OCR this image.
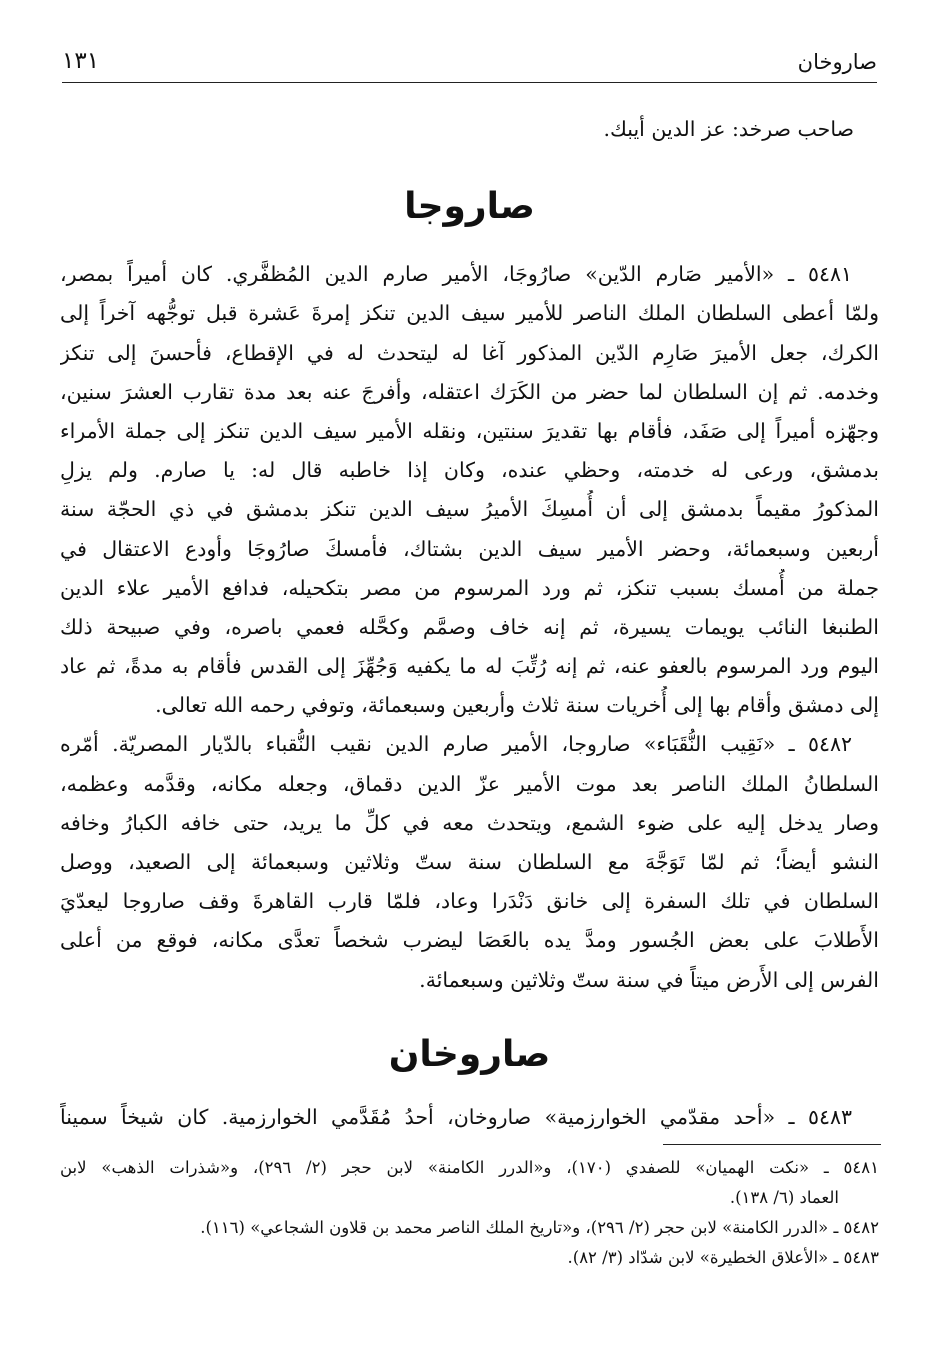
صاروخان
١٣١

صاحب صرخد: عز الدين أيبك.

صاروجا

٥٤٨١ ـ «الأمير صَارم الدّين» صارُوجَا، الأمير صارم الدين المُظفَّري. كان أميراً بمصر،

ولمّا أعطى السلطان الملك الناصر للأمير سيف الدين تنكز إمرةَ عَشرة قبل توجُّهه آخراً إلى

الكرك، جعل الأميرَ صَارِم الدّين المذكور آغا له ليتحدث له في الإقطاع، فأحسنَ إلى تنكز

وخدمه. ثم إن السلطان لما حضر من الكَرَك اعتقله، وأفرجَ عنه بعد مدة تقارب العشرَ سنين،

وجهّزه أميراً إلى صَفَد، فأقام بها تقديرَ سنتين، ونقله الأمير سيف الدين تنكز إلى جملة الأمراء

بدمشق، ورعى له خدمته، وحظي عنده، وكان إذا خاطبه قال له: يا صارم. ولم يزلِ

المذكورُ مقيماً بدمشق إلى أن أُمسِكَ الأميرُ سيف الدين تنكز بدمشق في ذي الحجّة سنة

أربعين وسبعمائة، وحضر الأمير سيف الدين بشتاك، فأمسكَ صارُوجَا وأودع الاعتقال في

جملة من أُمسك بسبب تنكز، ثم ورد المرسوم من مصر بتكحيله، فدافع الأمير علاء الدين

الطنبغا النائب يويمات يسيرة، ثم إنه خاف وصمَّم وكحَّله فعمي باصره، وفي صبيحة ذلك

اليوم ورد المرسوم بالعفو عنه، ثم إنه رُتِّبَ له ما يكفيه وَجُهِّزَ إلى القدس فأقام به مدةً، ثم عاد

إلى دمشق وأقام بها إلى أُخريات سنة ثلاث وأربعين وسبعمائة، وتوفي رحمه الله تعالى.

٥٤٨٢ ـ «نَقِيب النُّقَبَاء» صاروجا، الأمير صارم الدين نقيب النُّقباء بالدّيار المصريّة. أمّره

السلطانُ الملك الناصر بعد موت الأمير عزّ الدين دقماق، وجعله مكانه، وقدَّمه وعظمه،

وصار يدخل إليه على ضوء الشمع، ويتحدث معه في كلِّ ما يريد، حتى خافه الكبارُ وخافه

النشو أيضاً؛ ثم لمّا تَوَجَّهَ مع السلطان سنة ستّ وثلاثين وسبعمائة إلى الصعيد، ووصل

السلطان في تلك السفرة إلى خانق دَنْدَرا وعاد، فلمّا قارب القاهرةَ وقف صاروجا ليعدّيَ

الأَطلابَ على بعض الجُسور ومدَّ يده بالعَصَا ليضرب شخصاً تعدَّى مكانه، فوقع من أعلى

الفرس إلى الأَرض ميتاً في سنة ستّ وثلاثين وسبعمائة.

صاروخان

٥٤٨٣ ـ «أحد مقدّمي الخوارزمية» صاروخان، أحدُ مُقَدَّمي الخوارزمية. كان شيخاً سميناً

٥٤٨١ ـ «نكت الهميان» للصفدي (١٧٠)، و«الدرر الكامنة» لابن حجر (٢/ ٢٩٦)، و«شذرات الذهب» لابن

العماد (٦/ ١٣٨).

٥٤٨٢ ـ «الدرر الكامنة» لابن حجر (٢/ ٢٩٦)، و«تاريخ الملك الناصر محمد بن قلاون الشجاعي» (١١٦).

٥٤٨٣ ـ «الأعلاق الخطيرة» لابن شدّاد (٣/ ٨٢).
